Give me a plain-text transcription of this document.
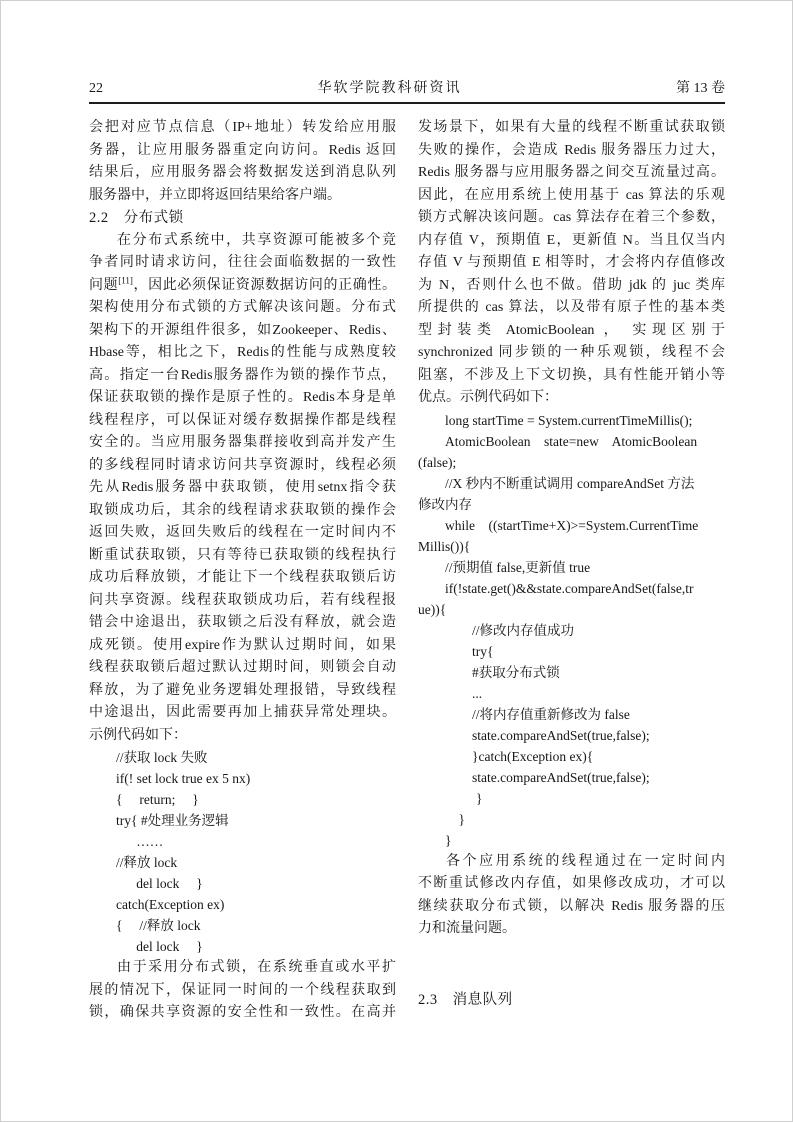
22	华软学院教科研资讯	第 13 卷
会把对应节点信息（IP+地址）转发给应用服
务器，让应用服务器重定向访问。Redis 返回
结果后，应用服务器会将数据发送到消息队列
服务器中，并立即将返回结果给客户端。
2.2　分布式锁
在分布式系统中，共享资源可能被多个竞
争者同时请求访问，往往会面临数据的一致性
问题[11]，因此必须保证资源数据访问的正确性。
架构使用分布式锁的方式解决该问题。分布式
架构下的开源组件很多，如Zookeeper、Redis、
Hbase等，相比之下，Redis的性能与成熟度较
高。指定一台Redis服务器作为锁的操作节点，
保证获取锁的操作是原子性的。Redis本身是单
线程程序，可以保证对缓存数据操作都是线程
安全的。当应用服务器集群接收到高并发产生
的多线程同时请求访问共享资源时，线程必须
先从Redis服务器中获取锁，使用setnx指令获
取锁成功后，其余的线程请求获取锁的操作会
返回失败，返回失败后的线程在一定时间内不
断重试获取锁，只有等待已获取锁的线程执行
成功后释放锁，才能让下一个线程获取锁后访
问共享资源。线程获取锁成功后，若有线程报
错会中途退出，获取锁之后没有释放，就会造
成死锁。使用expire作为默认过期时间，如果
线程获取锁后超过默认过期时间，则锁会自动
释放，为了避免业务逻辑处理报错，导致线程
中途退出，因此需要再加上捕获异常处理块。
示例代码如下：
//获取 lock 失败
if(! set lock true ex 5 nx)
{     return;     }
try{ #处理业务逻辑
……
//释放 lock
del lock     }
catch(Exception ex)
{     //释放 lock
del lock     }
由于采用分布式锁，在系统垂直或水平扩
展的情况下，保证同一时间的一个线程获取到
锁，确保共享资源的安全性和一致性。在高并
发场景下，如果有大量的线程不断重试获取锁
失败的操作，会造成 Redis 服务器压力过大，
Redis 服务器与应用服务器之间交互流量过高。
因此，在应用系统上使用基于 cas 算法的乐观
锁方式解决该问题。cas 算法存在着三个参数，
内存值 V，预期值 E，更新值 N。当且仅当内
存值 V 与预期值 E 相等时，才会将内存值修改
为 N，否则什么也不做。借助 jdk 的 juc 类库
所提供的 cas 算法，以及带有原子性的基本类
型封装类 AtomicBoolean ， 实现区别于
synchronized 同步锁的一种乐观锁，线程不会
阻塞，不涉及上下文切换，具有性能开销小等
优点。示例代码如下：
long startTime = System.currentTimeMillis();
AtomicBoolean    state=new    AtomicBoolean
(false);
//X 秒内不断重试调用 compareAndSet 方法
修改内存
while    ((startTime+X)>=System.CurrentTime
Millis()){
//预期值 false,更新值 true
if(!state.get()&&state.compareAndSet(false,tr
ue)){
//修改内存值成功
try{
#获取分布式锁
...
//将内存值重新修改为 false
state.compareAndSet(true,false);
}catch(Exception ex){
state.compareAndSet(true,false);
}
}
}
各个应用系统的线程通过在一定时间内
不断重试修改内存值，如果修改成功，才可以
继续获取分布式锁，以解决 Redis 服务器的压
力和流量问题。
2.3　消息队列
